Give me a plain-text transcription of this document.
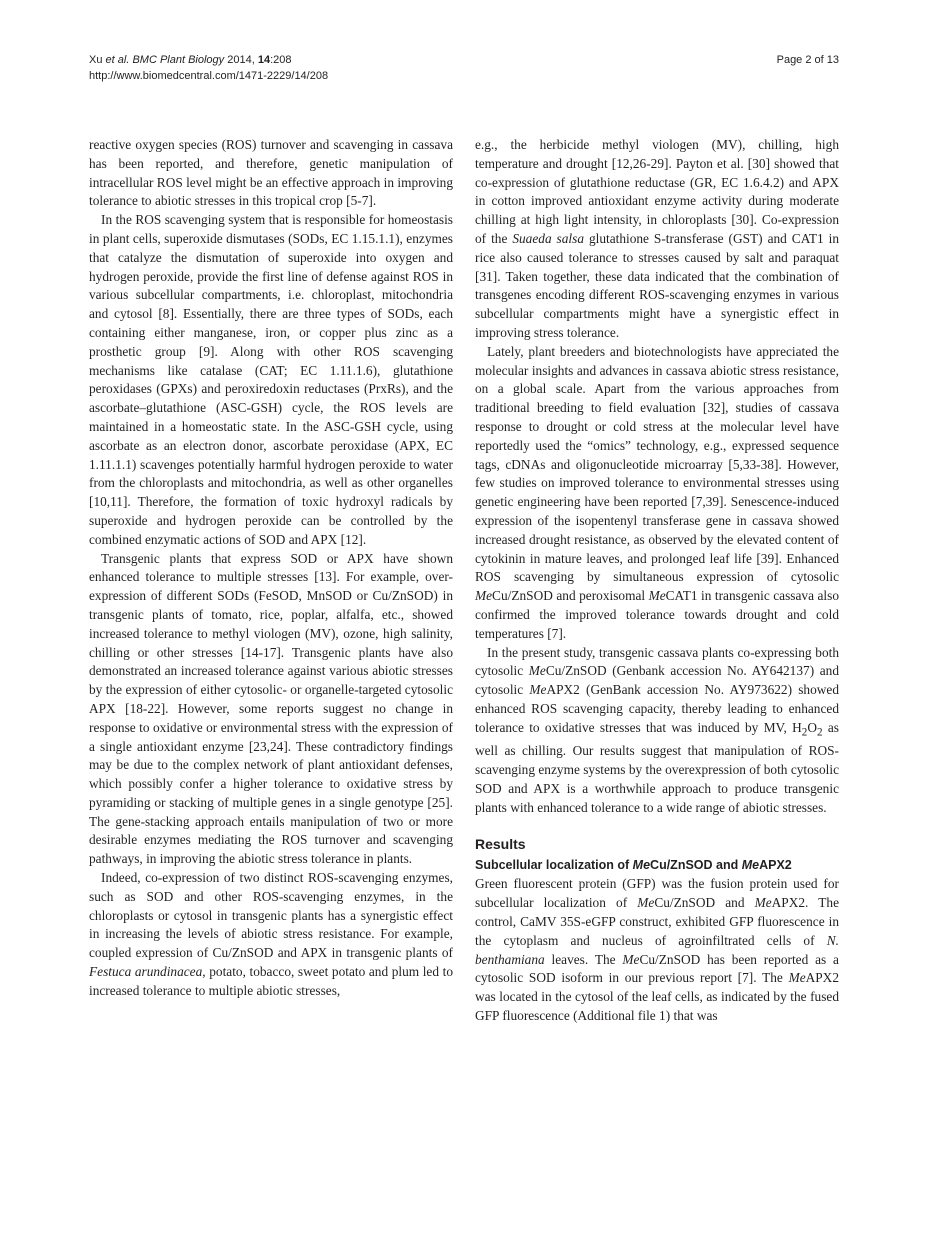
Xu et al. BMC Plant Biology 2014, 14:208
http://www.biomedcentral.com/1471-2229/14/208
Page 2 of 13

reactive oxygen species (ROS) turnover and scavenging in cassava has been reported, and therefore, genetic manipulation of intracellular ROS level might be an effective approach in improving tolerance to abiotic stresses in this tropical crop [5-7].

In the ROS scavenging system that is responsible for homeostasis in plant cells, superoxide dismutases (SODs, EC 1.15.1.1), enzymes that catalyze the dismutation of superoxide into oxygen and hydrogen peroxide, provide the first line of defense against ROS in various subcellular compartments, i.e. chloroplast, mitochondria and cytosol [8]. Essentially, there are three types of SODs, each containing either manganese, iron, or copper plus zinc as a prosthetic group [9]. Along with other ROS scavenging mechanisms like catalase (CAT; EC 1.11.1.6), glutathione peroxidases (GPXs) and peroxiredoxin reductases (PrxRs), and the ascorbate–glutathione (ASC-GSH) cycle, the ROS levels are maintained in a homeostatic state. In the ASC-GSH cycle, using ascorbate as an electron donor, ascorbate peroxidase (APX, EC 1.11.1.1) scavenges potentially harmful hydrogen peroxide to water from the chloroplasts and mitochondria, as well as other organelles [10,11]. Therefore, the formation of toxic hydroxyl radicals by superoxide and hydrogen peroxide can be controlled by the combined enzymatic actions of SOD and APX [12].

Transgenic plants that express SOD or APX have shown enhanced tolerance to multiple stresses [13]. For example, over-expression of different SODs (FeSOD, MnSOD or Cu/ZnSOD) in transgenic plants of tomato, rice, poplar, alfalfa, etc., showed increased tolerance to methyl viologen (MV), ozone, high salinity, chilling or other stresses [14-17]. Transgenic plants have also demonstrated an increased tolerance against various abiotic stresses by the expression of either cytosolic- or organelle-targeted cytosolic APX [18-22]. However, some reports suggest no change in response to oxidative or environmental stress with the expression of a single antioxidant enzyme [23,24]. These contradictory findings may be due to the complex network of plant antioxidant defenses, which possibly confer a higher tolerance to oxidative stress by pyramiding or stacking of multiple genes in a single genotype [25]. The gene-stacking approach entails manipulation of two or more desirable enzymes mediating the ROS turnover and scavenging pathways, in improving the abiotic stress tolerance in plants.

Indeed, co-expression of two distinct ROS-scavenging enzymes, such as SOD and other ROS-scavenging enzymes, in the chloroplasts or cytosol in transgenic plants has a synergistic effect in increasing the levels of abiotic stress resistance. For example, coupled expression of Cu/ZnSOD and APX in transgenic plants of Festuca arundinacea, potato, tobacco, sweet potato and plum led to increased tolerance to multiple abiotic stresses,

e.g., the herbicide methyl viologen (MV), chilling, high temperature and drought [12,26-29]. Payton et al. [30] showed that co-expression of glutathione reductase (GR, EC 1.6.4.2) and APX in cotton improved antioxidant enzyme activity during moderate chilling at high light intensity, in chloroplasts [30]. Co-expression of the Suaeda salsa glutathione S-transferase (GST) and CAT1 in rice also caused tolerance to stresses caused by salt and paraquat [31]. Taken together, these data indicated that the combination of transgenes encoding different ROS-scavenging enzymes in various subcellular compartments might have a synergistic effect in improving stress tolerance.

Lately, plant breeders and biotechnologists have appreciated the molecular insights and advances in cassava abiotic stress resistance, on a global scale. Apart from the various approaches from traditional breeding to field evaluation [32], studies of cassava response to drought or cold stress at the molecular level have reportedly used the “omics” technology, e.g., expressed sequence tags, cDNAs and oligonucleotide microarray [5,33-38]. However, few studies on improved tolerance to environmental stresses using genetic engineering have been reported [7,39]. Senescence-induced expression of the isopentenyl transferase gene in cassava showed increased drought resistance, as observed by the elevated content of cytokinin in mature leaves, and prolonged leaf life [39]. Enhanced ROS scavenging by simultaneous expression of cytosolic MeCu/ZnSOD and peroxisomal MeCAT1 in transgenic cassava also confirmed the improved tolerance towards drought and cold temperatures [7].

In the present study, transgenic cassava plants co-expressing both cytosolic MeCu/ZnSOD (Genbank accession No. AY642137) and cytosolic MeAPX2 (GenBank accession No. AY973622) showed enhanced ROS scavenging capacity, thereby leading to enhanced tolerance to oxidative stresses that was induced by MV, $H_2O_2$ as well as chilling. Our results suggest that manipulation of ROS-scavenging enzyme systems by the overexpression of both cytosolic SOD and APX is a worthwhile approach to produce transgenic plants with enhanced tolerance to a wide range of abiotic stresses.

Results
Subcellular localization of MeCu/ZnSOD and MeAPX2

Green fluorescent protein (GFP) was the fusion protein used for subcellular localization of MeCu/ZnSOD and MeAPX2. The control, CaMV 35S-eGFP construct, exhibited GFP fluorescence in the cytoplasm and nucleus of agroinfiltrated cells of N. benthamiana leaves. The MeCu/ZnSOD has been reported as a cytosolic SOD isoform in our previous report [7]. The MeAPX2 was located in the cytosol of the leaf cells, as indicated by the fused GFP fluorescence (Additional file 1) that was
